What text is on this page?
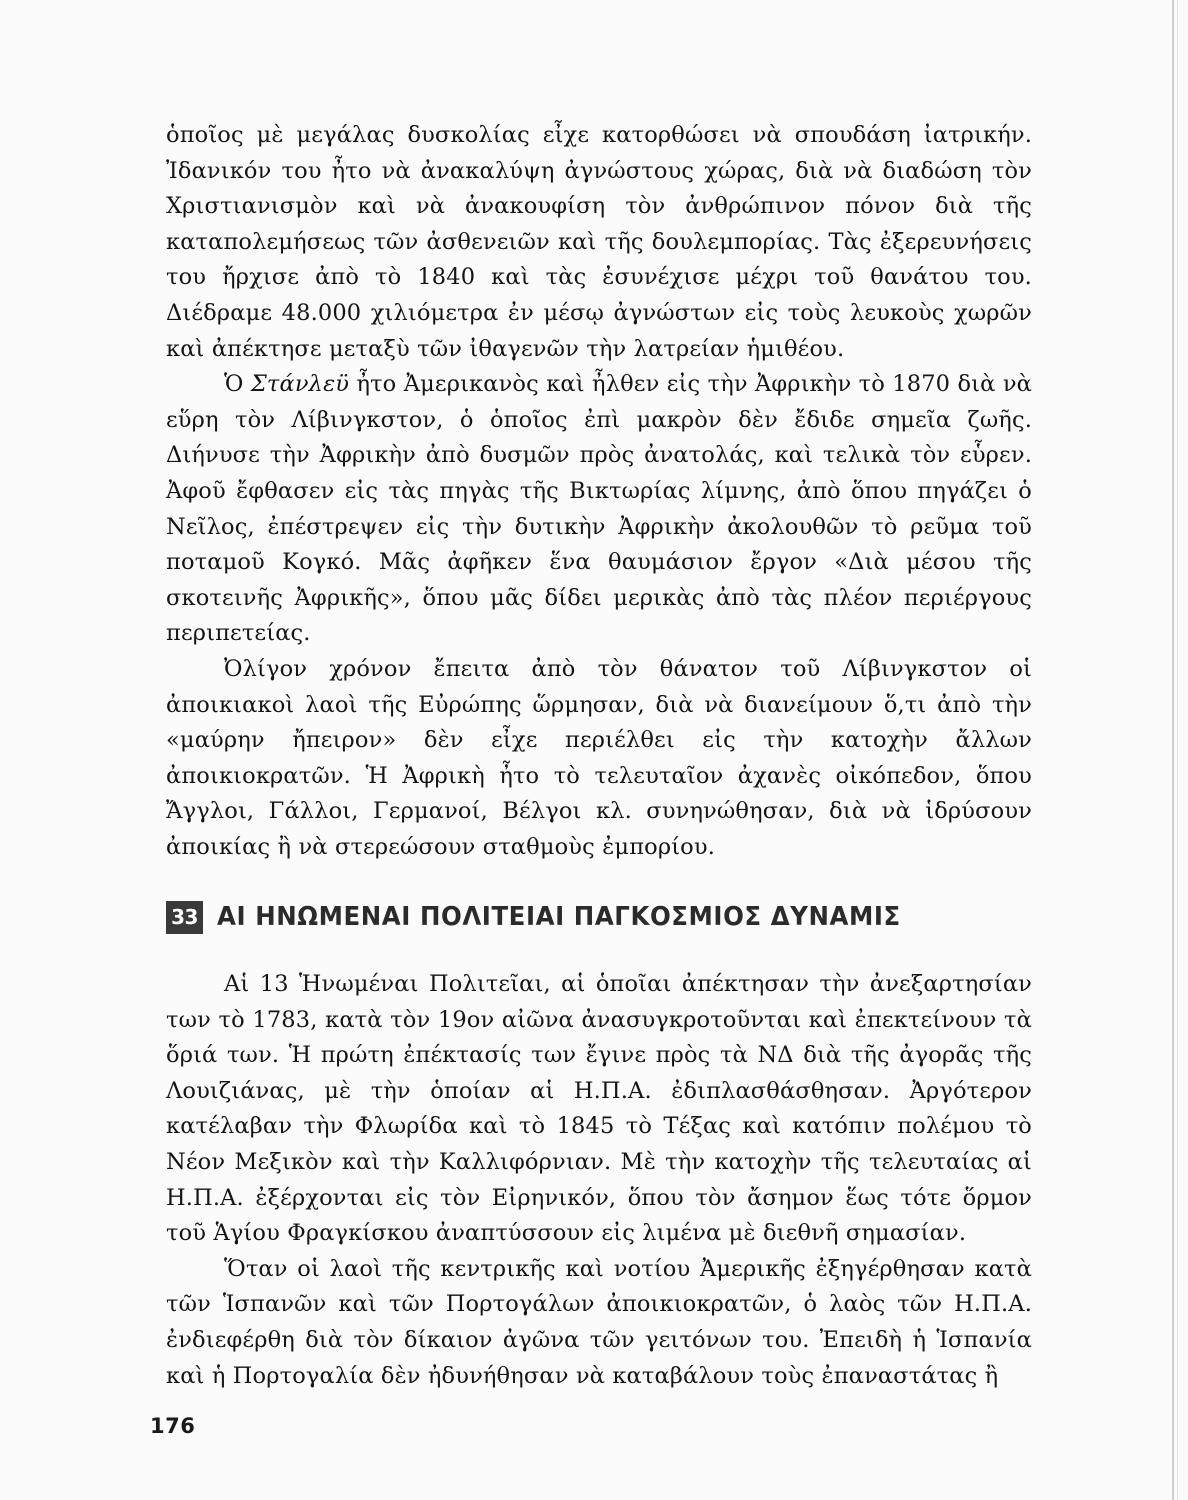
ὁποῖος μὲ μεγάλας δυσκολίας εἶχε κατορθώσει νὰ σπουδάση ἰατρικήν. Ἰδανικόν του ἦτο νὰ ἀνακαλύψη ἀγνώστους χώρας, διὰ νὰ διαδώση τὸν Χριστιανισμὸν καὶ νὰ ἀνακουφίση τὸν ἀνθρώπινον πόνον διὰ τῆς καταπολεμήσεως τῶν ἀσθενειῶν καὶ τῆς δουλεμπορίας. Τὰς ἐξερευνήσεις του ἤρχισε ἀπὸ τὸ 1840 καὶ τὰς ἐσυνέχισε μέχρι τοῦ θανάτου του. Διέδραμε 48.000 χιλιόμετρα ἐν μέσῳ ἀγνώστων εἰς τοὺς λευκοὺς χωρῶν καὶ ἀπέκτησε μεταξὺ τῶν ἰθαγενῶν τὴν λατρείαν ἡμιθέου.

Ὁ Στάνλεϋ ἦτο Ἀμερικανὸς καὶ ἦλθεν εἰς τὴν Ἀφρικὴν τὸ 1870 διὰ νὰ εὕρη τὸν Λίβινγκστον, ὁ ὁποῖος ἐπὶ μακρὸν δὲν ἔδιδε σημεῖα ζωῆς. Διήνυσε τὴν Ἀφρικὴν ἀπὸ δυσμῶν πρὸς ἀνατολάς, καὶ τελικὰ τὸν εὗρεν. Ἀφοῦ ἔφθασεν εἰς τὰς πηγὰς τῆς Βικτωρίας λίμνης, ἀπὸ ὅπου πηγάζει ὁ Νεῖλος, ἐπέστρεψεν εἰς τὴν δυτικὴν Ἀφρικὴν ἀκολουθῶν τὸ ρεῦμα τοῦ ποταμοῦ Κογκό. Μᾶς ἀφῆκεν ἕνα θαυμάσιον ἔργον «Διὰ μέσου τῆς σκοτεινῆς Ἀφρικῆς», ὅπου μᾶς δίδει μερικὰς ἀπὸ τὰς πλέον περιέργους περιπετείας.

Ὀλίγον χρόνον ἔπειτα ἀπὸ τὸν θάνατον τοῦ Λίβινγκστον οἱ ἀποικιακοὶ λαοὶ τῆς Εὐρώπης ὥρμησαν, διὰ νὰ διανείμουν ὅ,τι ἀπὸ τὴν «μαύρην ἤπειρον» δὲν εἶχε περιέλθει εἰς τὴν κατοχὴν ἄλλων ἀποικιοκρατῶν. Ἡ Ἀφρικὴ ἦτο τὸ τελευταῖον ἀχανὲς οἰκόπεδον, ὅπου Ἄγγλοι, Γάλλοι, Γερμανοί, Βέλγοι κλ. συνηνώθησαν, διὰ νὰ ἱδρύσουν ἀποικίας ἢ νὰ στερεώσουν σταθμοὺς ἐμπορίου.

33 ΑΙ ΗΝΩΜΕΝΑΙ ΠΟΛΙΤΕΙΑΙ ΠΑΓΚΟΣΜΙΟΣ ΔΥΝΑΜΙΣ

Αἱ 13 Ἡνωμέναι Πολιτεῖαι, αἱ ὁποῖαι ἀπέκτησαν τὴν ἀνεξαρτησίαν των τὸ 1783, κατὰ τὸν 19ον αἰῶνα ἀνασυγκροτοῦνται καὶ ἐπεκτείνουν τὰ ὅριά των. Ἡ πρώτη ἐπέκτασίς των ἔγινε πρὸς τὰ ΝΔ διὰ τῆς ἀγορᾶς τῆς Λουιζιάνας, μὲ τὴν ὁποίαν αἱ Η.Π.Α. ἐδιπλασθάσθησαν. Ἀργότερον κατέλαβαν τὴν Φλωρίδα καὶ τὸ 1845 τὸ Τέξας καὶ κατόπιν πολέμου τὸ Νέον Μεξικὸν καὶ τὴν Καλλιφόρνιαν. Μὲ τὴν κατοχὴν τῆς τελευταίας αἱ Η.Π.Α. ἐξέρχονται εἰς τὸν Εἰρηνικόν, ὅπου τὸν ἄσημον ἕως τότε ὅρμον τοῦ Ἁγίου Φραγκίσκου ἀναπτύσσουν εἰς λιμένα μὲ διεθνῆ σημασίαν.

Ὅταν οἱ λαοὶ τῆς κεντρικῆς καὶ νοτίου Ἀμερικῆς ἐξηγέρθησαν κατὰ τῶν Ἱσπανῶν καὶ τῶν Πορτογάλων ἀποικιοκρατῶν, ὁ λαὸς τῶν Η.Π.Α. ἐνδιεφέρθη διὰ τὸν δίκαιον ἀγῶνα τῶν γειτόνων του. Ἐπειδὴ ἡ Ἱσπανία καὶ ἡ Πορτογαλία δὲν ἠδυνήθησαν νὰ καταβάλουν τοὺς ἐπαναστάτας ἢ

176
